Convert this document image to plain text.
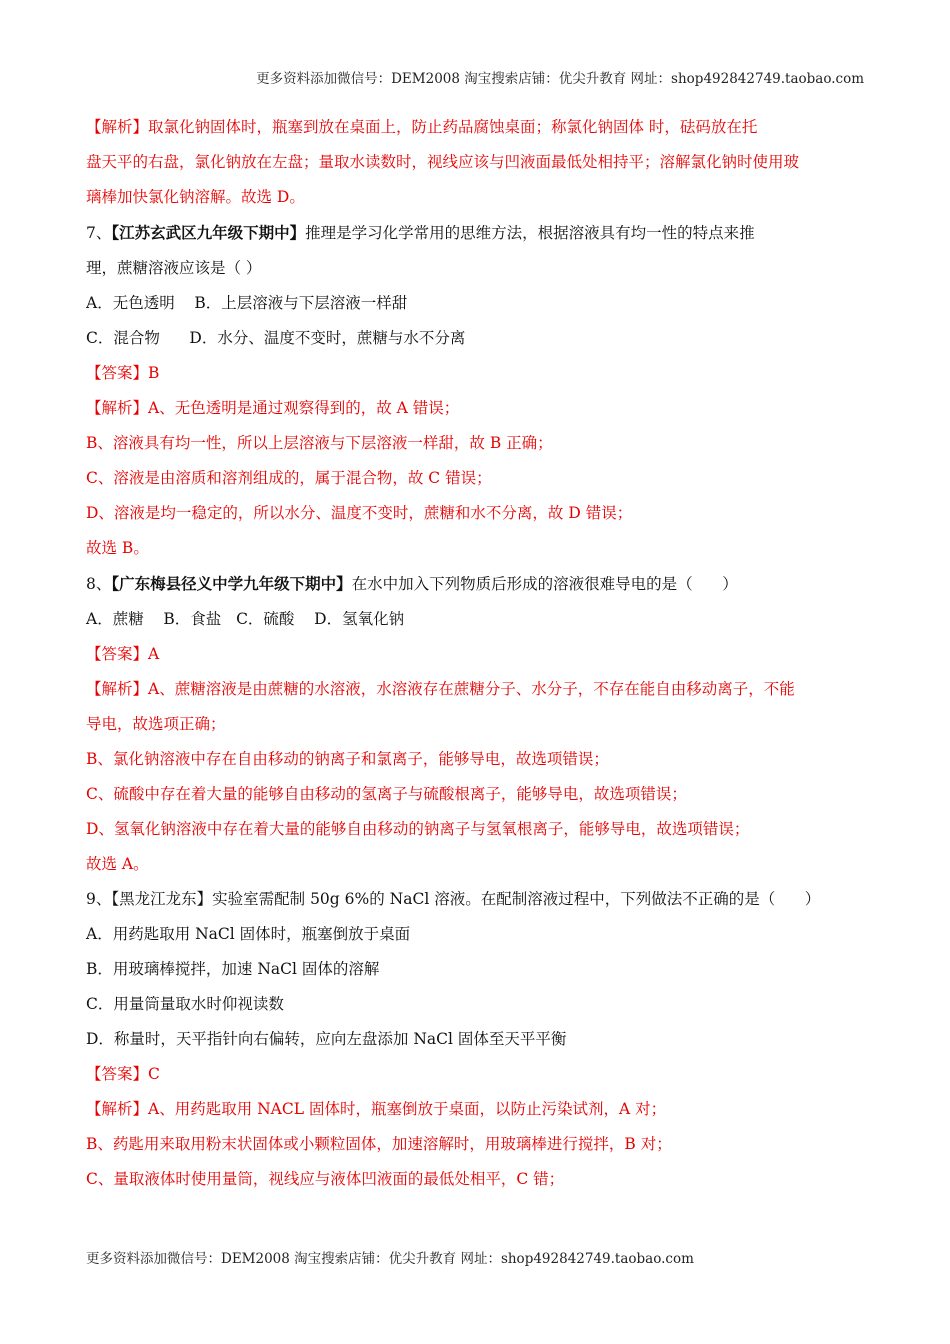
更多资料添加微信号：DEM2008 淘宝搜索店铺：优尖升教育 网址：shop492842749.taobao.com
【解析】取氯化钠固体时，瓶塞到放在桌面上，防止药品腐蚀桌面；称氯化钠固体 时，砝码放在托
盘天平的右盘，氯化钠放在左盘；量取水读数时，视线应该与凹液面最低处相持平；溶解氯化钠时使用玻
璃棒加快氯化钠溶解。故选 D。
7、【江苏玄武区九年级下期中】推理是学习化学常用的思维方法，根据溶液具有均一性的特点来推
理，蔗糖溶液应该是（ ）
A．无色透明    B．上层溶液与下层溶液一样甜
C．混合物      D．水分、温度不变时，蔗糖与水不分离
【答案】B
【解析】A、无色透明是通过观察得到的，故 A 错误；
B、溶液具有均一性，所以上层溶液与下层溶液一样甜，故 B 正确；
C、溶液是由溶质和溶剂组成的，属于混合物，故 C 错误；
D、溶液是均一稳定的，所以水分、温度不变时，蔗糖和水不分离，故 D 错误；
故选 B。
8、【广东梅县径义中学九年级下期中】在水中加入下列物质后形成的溶液很难导电的是（      ）
A．蔗糖    B．食盐   C．硫酸    D．氢氧化钠
【答案】A
【解析】A、蔗糖溶液是由蔗糖的水溶液，水溶液存在蔗糖分子、水分子，不存在能自由移动离子，不能
导电，故选项正确；
B、氯化钠溶液中存在自由移动的钠离子和氯离子，能够导电，故选项错误；
C、硫酸中存在着大量的能够自由移动的氢离子与硫酸根离子，能够导电，故选项错误；
D、氢氧化钠溶液中存在着大量的能够自由移动的钠离子与氢氧根离子，能够导电，故选项错误；
故选 A。
9、【黑龙江龙东】实验室需配制 50g 6%的 NaCl 溶液。在配制溶液过程中，下列做法不正确的是（      ）
A．用药匙取用 NaCl 固体时，瓶塞倒放于桌面
B．用玻璃棒搅拌，加速 NaCl 固体的溶解
C．用量筒量取水时仰视读数
D．称量时，天平指针向右偏转，应向左盘添加 NaCl 固体至天平平衡
【答案】C
【解析】A、用药匙取用 NACL 固体时，瓶塞倒放于桌面，以防止污染试剂，A 对；
B、药匙用来取用粉末状固体或小颗粒固体，加速溶解时，用玻璃棒进行搅拌，B 对；
C、量取液体时使用量筒，视线应与液体凹液面的最低处相平，C 错；
更多资料添加微信号：DEM2008 淘宝搜索店铺：优尖升教育 网址：shop492842749.taobao.com
